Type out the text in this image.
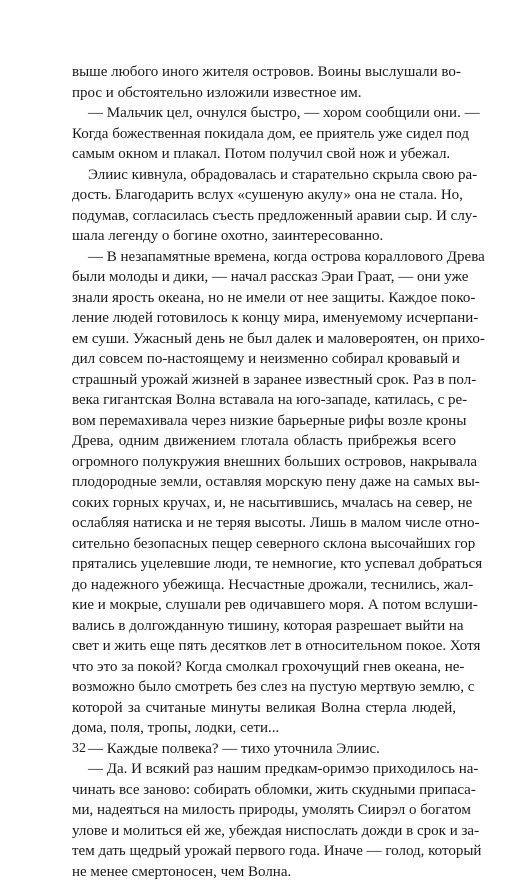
выше любого иного жителя островов. Воины выслушали во-
прос и обстоятельно изложили известное им.
— Мальчик цел, очнулся быстро, — хором сообщили они. —
Когда божественная покидала дом, ее приятель уже сидел под
самым окном и плакал. Потом получил свой нож и убежал.
Элиис кивнула, обрадовалась и старательно скрыла свою ра-
дость. Благодарить вслух «сушеную акулу» она не стала. Но,
подумав, согласилась съесть предложенный аравии сыр. И слу-
шала легенду о богине охотно, заинтересованно.
— В незапамятные времена, когда острова кораллового Древа
были молоды и дики, — начал рассказ Эраи Граат, — они уже
знали ярость океана, но не имели от нее защиты. Каждое поко-
ление людей готовилось к концу мира, именуемому исчерпани-
ем суши. Ужасный день не был далек и маловероятен, он прихо-
дил совсем по-настоящему и неизменно собирал кровавый и
страшный урожай жизней в заранее известный срок. Раз в пол-
века гигантская Волна вставала на юго-западе, катилась, с ре-
вом перемахивала через низкие барьерные рифы возле кроны
Древа, одним движением глотала область прибрежья всего
огромного полукружия внешних больших островов, накрывала
плодородные земли, оставляя морскую пену даже на самых вы-
соких горных кручах, и, не насытившись, мчалась на север, не
ослабляя натиска и не теряя высоты. Лишь в малом числе отно-
сительно безопасных пещер северного склона высочайших гор
прятались уцелевшие люди, те немногие, кто успевал добраться
до надежного убежища. Несчастные дрожали, теснились, жал-
кие и мокрые, слушали рев одичавшего моря. А потом вслуши-
вались в долгожданную тишину, которая разрешает выйти на
свет и жить еще пять десятков лет в относительном покое. Хотя
что это за покой? Когда смолкал грохочущий гнев океана, не-
возможно было смотреть без слез на пустую мертвую землю, с
которой за считаные минуты великая Волна стерла людей,
дома, поля, тропы, лодки, сети...
— Каждые полвека? — тихо уточнила Элиис.
— Да. И всякий раз нашим предкам-оримэо приходилось на-
чинать все заново: собирать обломки, жить скудными припаса-
ми, надеяться на милость природы, умолять Сиирэл о богатом
улове и молиться ей же, убеждая ниспослать дожди в срок и за-
тем дать щедрый урожай первого года. Иначе — голод, который
не менее смертоносен, чем Волна.
32
